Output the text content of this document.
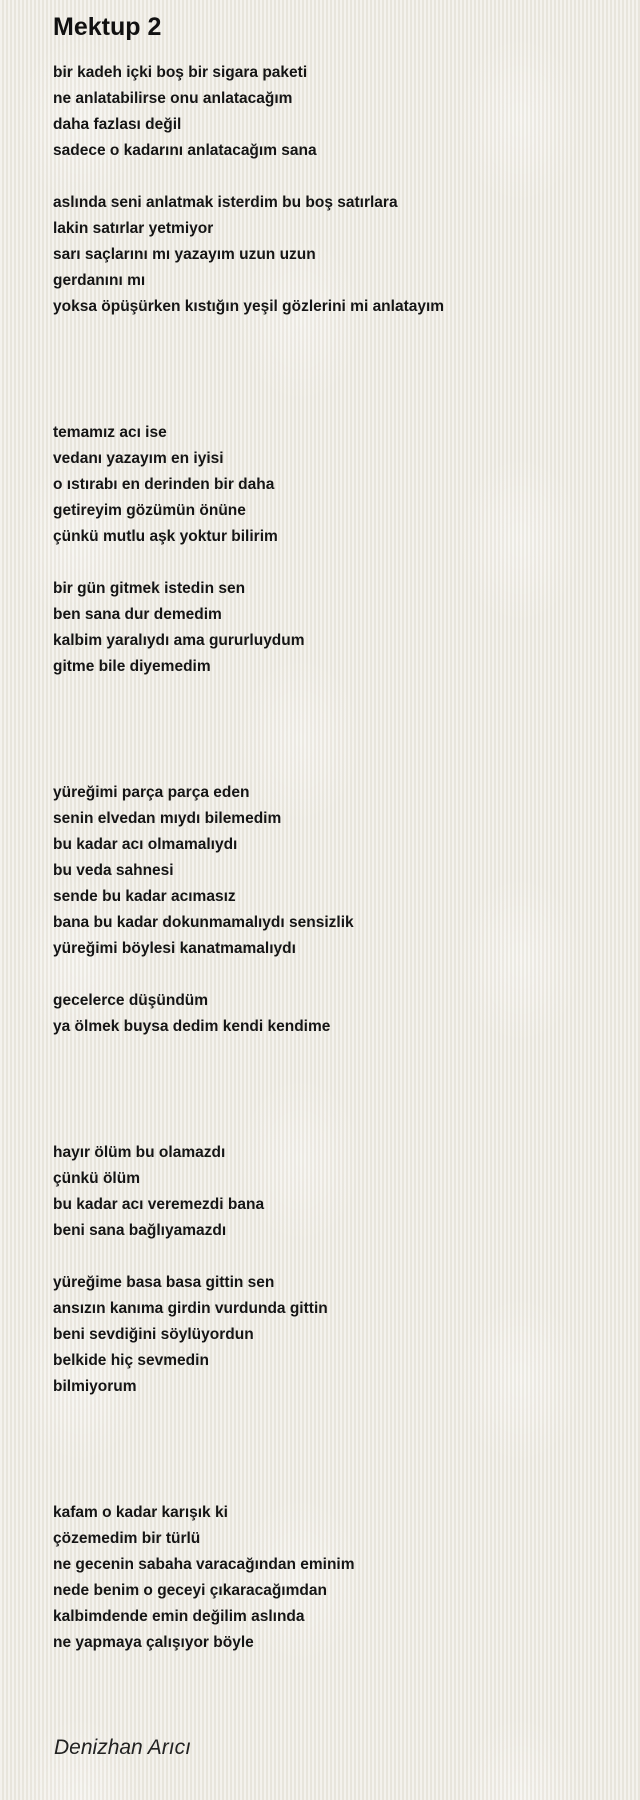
Mektup 2
bir kadeh içki boş bir sigara paketi
ne anlatabilirse onu anlatacağım
daha fazlası değil
sadece o kadarını anlatacağım sana
aslında seni anlatmak isterdim bu boş satırlara
lakin satırlar yetmiyor
sarı saçlarını mı yazayım uzun uzun
gerdanını mı
yoksa öpüşürken kıstığın yeşil gözlerini mi anlatayım
temamız acı ise
vedanı yazayım en iyisi
o ıstırabı en derinden bir daha
getireyim gözümün önüne
çünkü mutlu aşk yoktur bilirim
bir gün gitmek istedin sen
ben sana dur demedim
kalbim yaralıydı ama gururluydum
gitme bile diyemedim
yüreğimi parça parça eden
senin elvedan mıydı bilemedim
bu kadar acı olmamalıydı
bu veda sahnesi
sende bu kadar acımasız
bana bu kadar dokunmamalıydı sensizlik
yüreğimi böylesi kanatmamalıydı
gecelerce düşündüm
ya ölmek buysa dedim kendi kendime
hayır ölüm bu olamazdı
çünkü ölüm
bu kadar acı veremezdi bana
beni sana bağlıyamazdı
yüreğime basa basa gittin sen
ansızın kanıma girdin vurdunda gittin
beni sevdiğini söylüyordun
belkide hiç sevmedin
bilmiyorum
kafam o kadar karışık ki
çözemedim bir türlü
ne gecenin sabaha varacağından eminim
nede benim o geceyi çıkaracağımdan
kalbimdende emin değilim aslında
ne yapmaya çalışıyor böyle

Denizhan Arıcı
